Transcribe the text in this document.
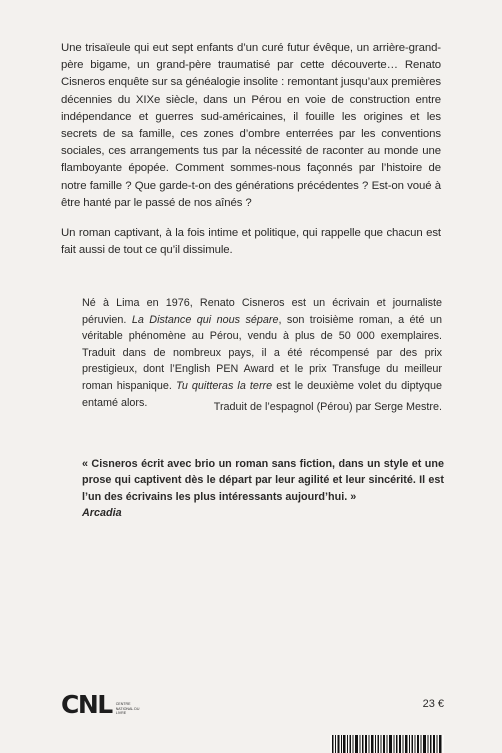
Une trisaïeule qui eut sept enfants d’un curé futur évêque, un arrière-grand-père bigame, un grand-père traumatisé par cette découverte… Renato Cisneros enquête sur sa généalogie insolite : remontant jusqu’aux premières décennies du XIXe siècle, dans un Pérou en voie de construction entre indépendance et guerres sud-américaines, il fouille les origines et les secrets de sa famille, ces zones d’ombre enterrées par les conventions sociales, ces arrangements tus par la nécessité de raconter au monde une flamboyante épopée. Comment sommes-nous façonnés par l’histoire de notre famille ? Que garde-t-on des générations précédentes ? Est-on voué à être hanté par le passé de nos aînés ?

Un roman captivant, à la fois intime et politique, qui rappelle que chacun est fait aussi de tout ce qu’il dissimule.

Né à Lima en 1976, Renato Cisneros est un écrivain et journaliste péruvien. La Distance qui nous sépare, son troisième roman, a été un véritable phénomène au Pérou, vendu à plus de 50 000 exemplaires. Traduit dans de nombreux pays, il a été récompensé par des prix prestigieux, dont l’English PEN Award et le prix Transfuge du meilleur roman hispanique. Tu quitteras la terre est le deuxième volet du diptyque entamé alors.	Traduit de l’espagnol (Pérou) par Serge Mestre.

« Cisneros écrit avec brio un roman sans fiction, dans un style et une prose qui captivent dès le départ par leur agilité et leur sincérité. Il est l’un des écrivains les plus intéressants aujourd’hui. »

Arcadia

CNL CENTRE NATIONAL DU LIVRE

23 €
